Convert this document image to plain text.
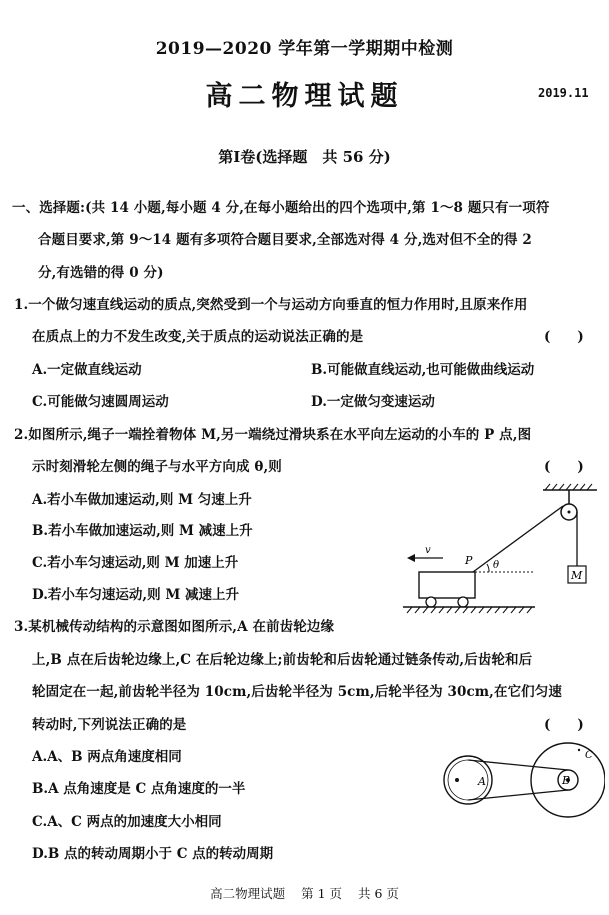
2019—2020 学年第一学期期中检测
高二物理试题	2019.11
第Ⅰ卷(选择题　共 56 分)
一、选择题:(共 14 小题,每小题 4 分,在每小题给出的四个选项中,第 1～8 题只有一项符
合题目要求,第 9～14 题有多项符合题目要求,全部选对得 4 分,选对但不全的得 2
分,有选错的得 0 分)
1.一个做匀速直线运动的质点,突然受到一个与运动方向垂直的恒力作用时,且原来作用
在质点上的力不发生改变,关于质点的运动说法正确的是	(　　)
A.一定做直线运动	B.可能做直线运动,也可能做曲线运动
C.可能做匀速圆周运动	D.一定做匀变速运动
2.如图所示,绳子一端拴着物体 M,另一端绕过滑块系在水平向左运动的小车的 P 点,图
示时刻滑轮左侧的绳子与水平方向成 θ,则	(　　)
A.若小车做加速运动,则 M 匀速上升
B.若小车做加速运动,则 M 减速上升
C.若小车匀速运动,则 M 加速上升
D.若小车匀速运动,则 M 减速上升
M
θ
P
v
3.某机械传动结构的示意图如图所示,A 在前齿轮边缘
上,B 点在后齿轮边缘上,C 在后轮边缘上;前齿轮和后齿轮通过链条传动,后齿轮和后
轮固定在一起,前齿轮半径为 10cm,后齿轮半径为 5cm,后轮半径为 30cm,在它们匀速
转动时,下列说法正确的是	(　　)
A.A、B 两点角速度相同
B.A 点角速度是 C 点角速度的一半
C.A、C 两点的加速度大小相同
D.B 点的转动周期小于 C 点的转动周期
A	B
C
高二物理试题 第 1 页 共 6 页
